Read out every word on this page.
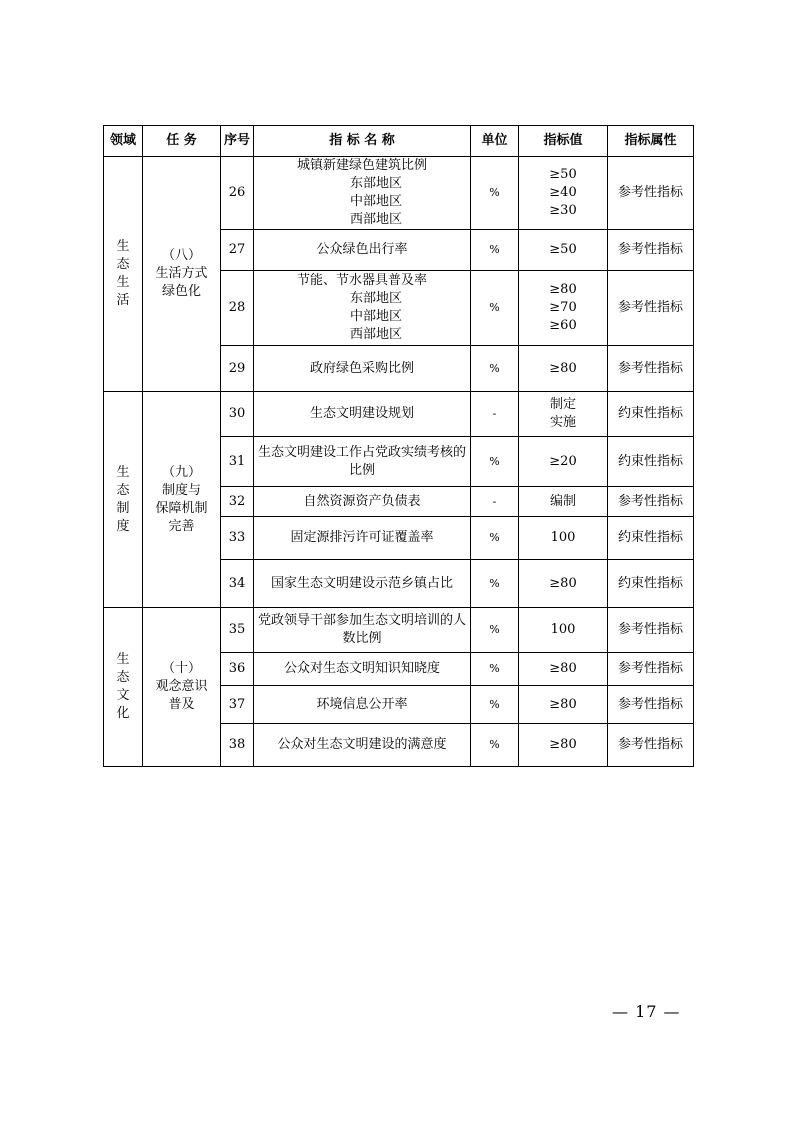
领域	任 务	序号	指 标 名 称	单位	指标值	指标属性

生
态
生
活	（八）
生活方式
绿色化	26	城镇新建绿色建筑比例
东部地区
中部地区
西部地区	%	≥50
≥40
≥30	参考性指标
		27	公众绿色出行率	%	≥50	参考性指标
		28	节能、节水器具普及率
东部地区
中部地区
西部地区	%	≥80
≥70
≥60	参考性指标
		29	政府绿色采购比例	%	≥80	参考性指标

生
态
制
度	（九）
制度与
保障机制
完善	30	生态文明建设规划	-	制定
实施	约束性指标
		31	生态文明建设工作占党政实绩考核的比例	%	≥20	约束性指标
		32	自然资源资产负债表	-	编制	参考性指标
		33	固定源排污许可证覆盖率	%	100	约束性指标
		34	国家生态文明建设示范乡镇占比	%	≥80	约束性指标

生
态
文
化	（十）
观念意识
普及	35	党政领导干部参加生态文明培训的人数比例	%	100	参考性指标
		36	公众对生态文明知识知晓度	%	≥80	参考性指标
		37	环境信息公开率	%	≥80	参考性指标
		38	公众对生态文明建设的满意度	%	≥80	参考性指标
— 17 —
